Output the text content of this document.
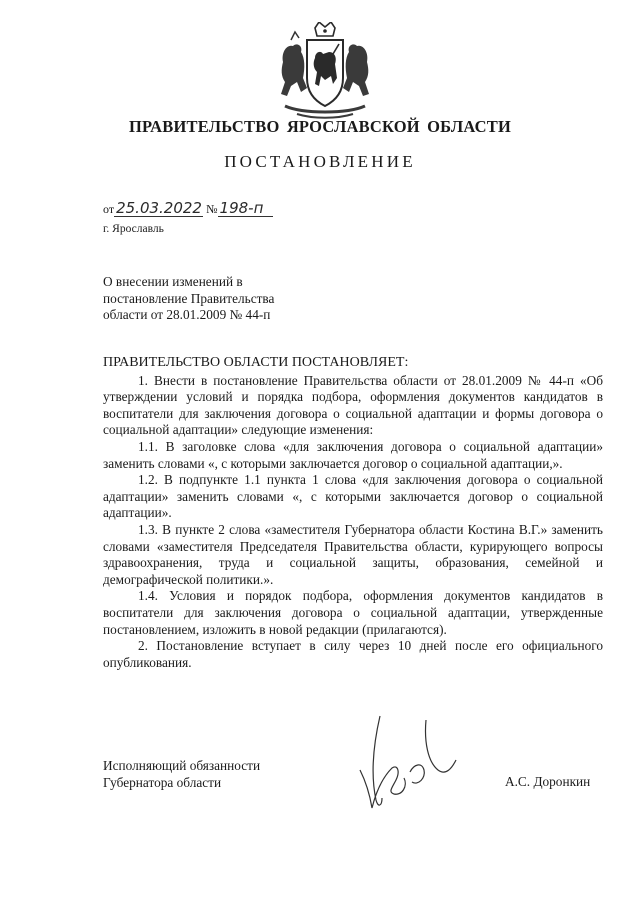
ПРАВИТЕЛЬСТВО ЯРОСЛАВСКОЙ ОБЛАСТИ
ПОСТАНОВЛЕНИЕ
от 25.03.2022 № 198-п
г. Ярославль
О внесении изменений в
постановление Правительства
области от 28.01.2009 № 44-п
ПРАВИТЕЛЬСТВО ОБЛАСТИ ПОСТАНОВЛЯЕТ:

1. Внести в постановление Правительства области от 28.01.2009 № 44-п «Об утверждении условий и порядка подбора, оформления документов кандидатов в воспитатели для заключения договора о социальной адаптации и формы договора о социальной адаптации» следующие изменения:

1.1. В заголовке слова «для заключения договора о социальной адаптации» заменить словами «, с которыми заключается договор о социальной адаптации,».

1.2. В подпункте 1.1 пункта 1 слова «для заключения договора о социальной адаптации» заменить словами «, с которыми заключается договор о социальной адаптации».

1.3. В пункте 2 слова «заместителя Губернатора области Костина В.Г.» заменить словами «заместителя Председателя Правительства области, курирующего вопросы здравоохранения, труда и социальной защиты, образования, семейной и демографической политики.».

1.4. Условия и порядок подбора, оформления документов кандидатов в воспитатели для заключения договора о социальной адаптации, утвержденные постановлением, изложить в новой редакции (прилагаются).

2. Постановление вступает в силу через 10 дней после его официального опубликования.

Исполняющий обязанности
Губернатора области	А.С. Доронкин
